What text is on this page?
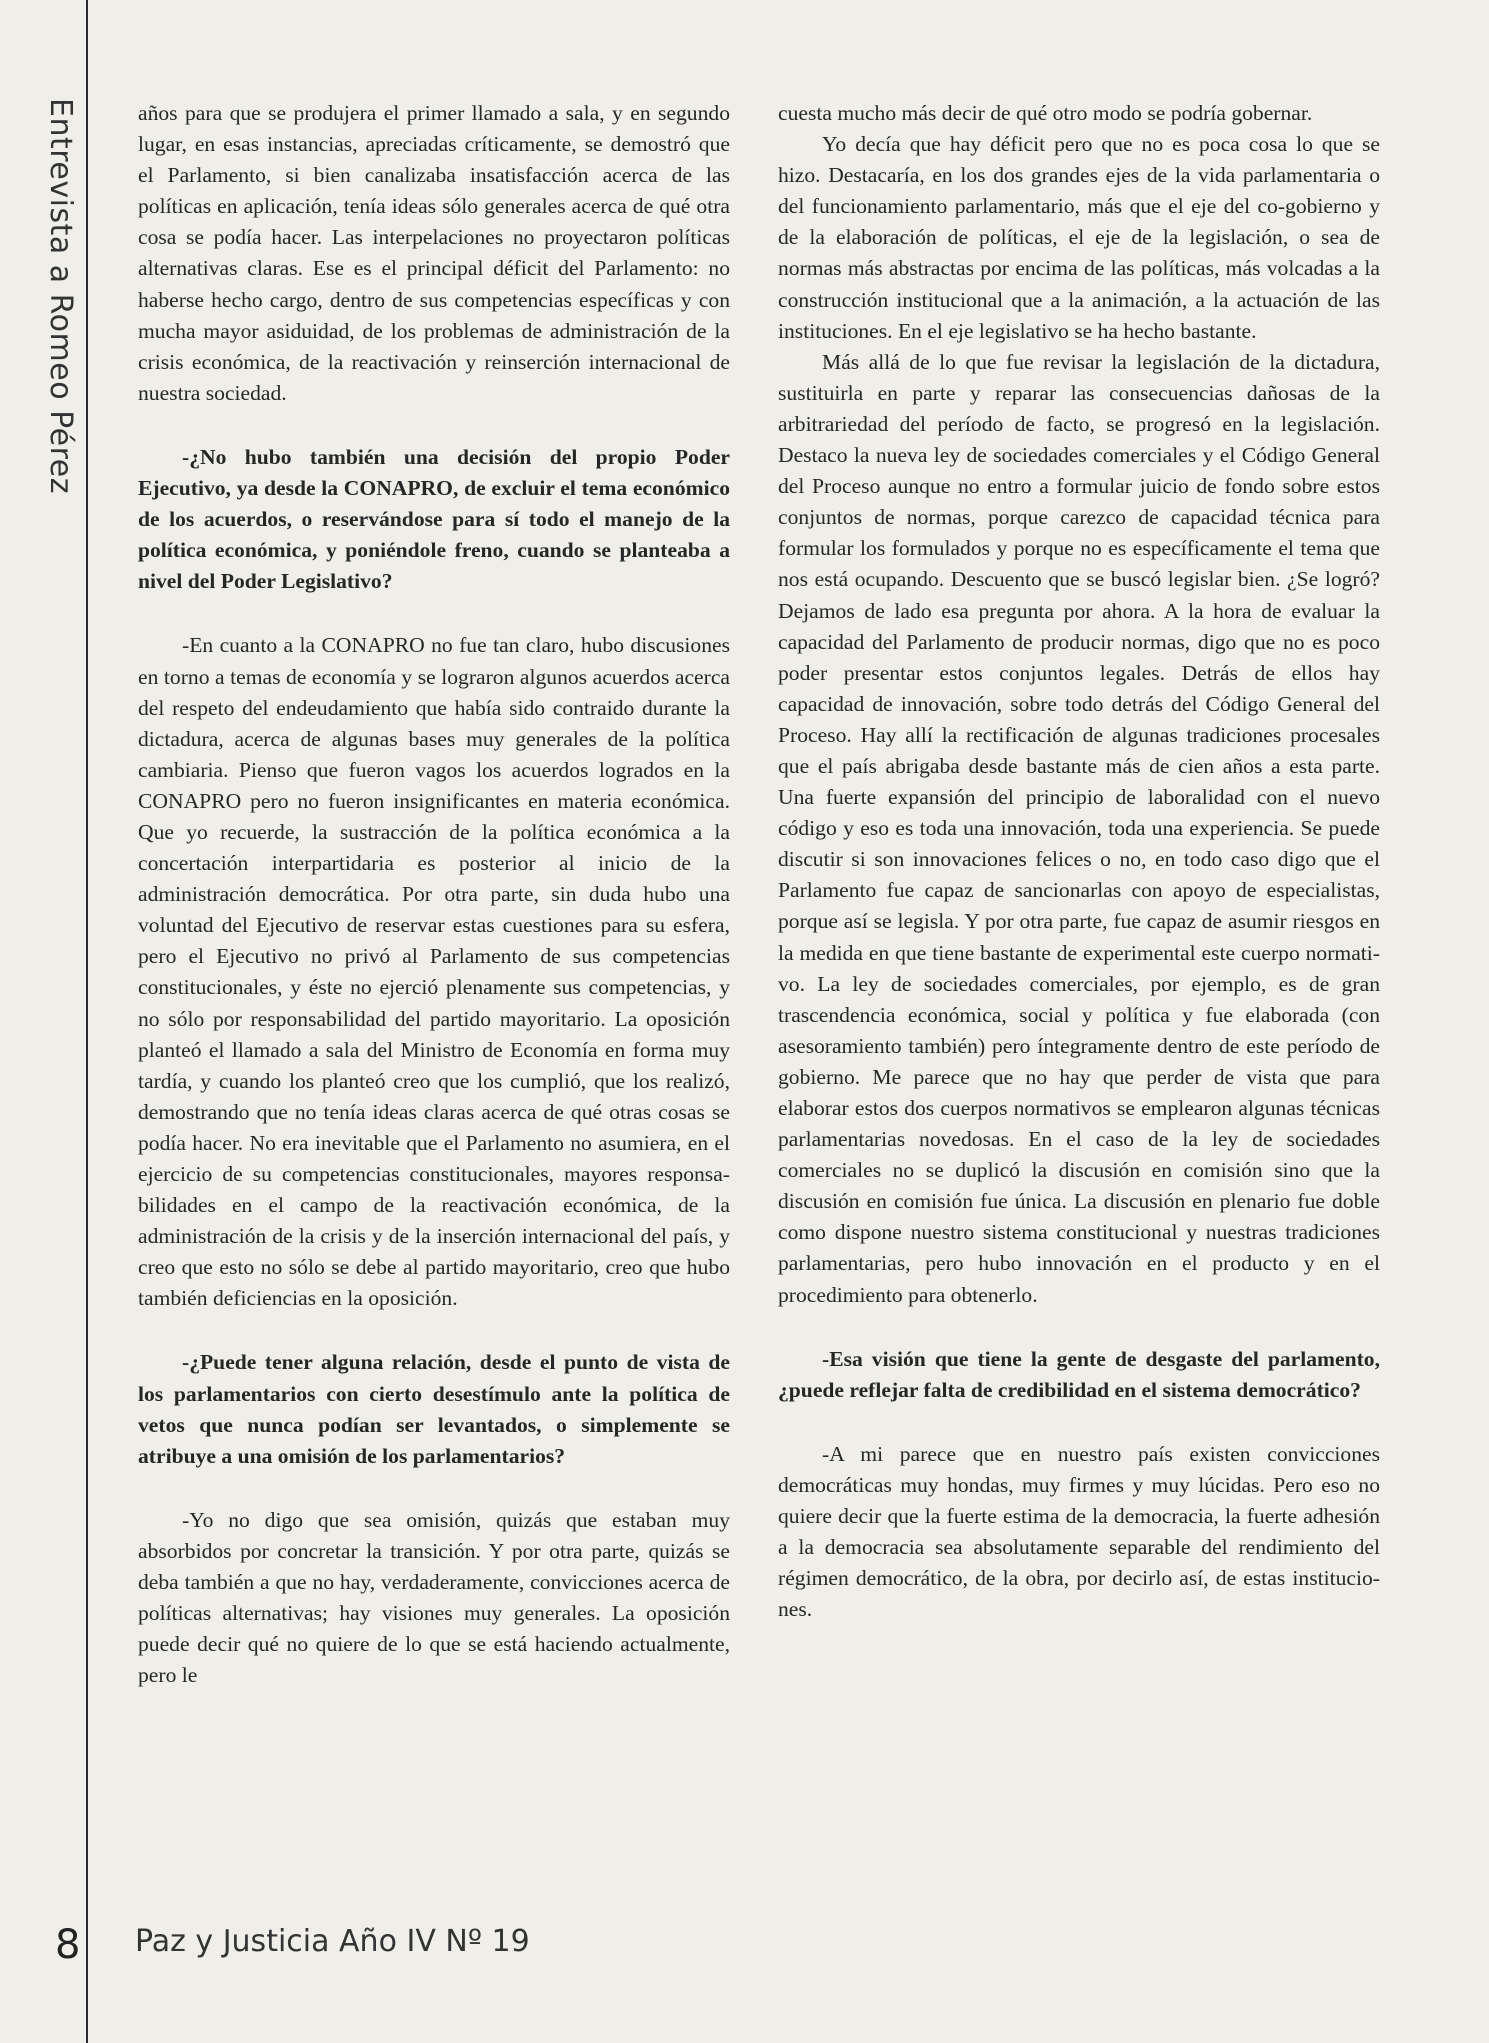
Entrevista a Romeo Pérez	años para que se produjera el primer llamado a sala, y en segundo lugar, en esas instancias, apreciadas críticamente, se demostró que el Parlamento, si bien canalizaba insatisfacción acerca de las políticas en aplicación, tenía ideas sólo generales acerca de qué otra cosa se podía hacer. Las interpelaciones no proyectaron políticas alternativas claras. Ese es el principal déficit del Parlamento: no haberse hecho cargo, dentro de sus competencias específicas y con mucha mayor asiduidad, de los problemas de administración de la crisis económica, de la reactivación y reinserción internacional de nuestra sociedad.

-¿No hubo también una decisión del propio Poder Ejecutivo, ya desde la CONAPRO, de excluir el tema económico de los acuerdos, o reservándose para sí todo el manejo de la política económica, y poniéndole freno, cuando se planteaba a nivel del Poder Legislativo?

-En cuanto a la CONAPRO no fue tan claro, hubo discusiones en torno a temas de economía y se lograron algunos acuerdos acerca del respeto del endeudamiento que había sido contraido durante la dictadura, acerca de algunas bases muy generales de la política cambiaria. Pienso que fueron vagos los acuerdos logrados en la CONAPRO pero no fueron insignificantes en materia económica. Que yo recuerde, la sustracción de la política económica a la concertación interpartidaria es posterior al inicio de la administración democrática. Por otra parte, sin duda hubo una voluntad del Ejecutivo de reservar estas cuestiones para su esfera, pero el Ejecutivo no privó al Parlamento de sus competencias constitucionales, y éste no ejerció plenamente sus competencias, y no sólo por responsabilidad del partido mayoritario. La oposición planteó el llamado a sala del Ministro de Economía en forma muy tardía, y cuando los planteó creo que los cumplió, que los realizó, demostrando que no tenía ideas claras acerca de qué otras cosas se podía hacer. No era inevitable que el Parlamento no asumiera, en el ejercicio de su competencias constitucionales, mayores responsabilidades en el campo de la reactivación económica, de la administración de la crisis y de la inserción internacional del país, y creo que esto no sólo se debe al partido mayoritario, creo que hubo también deficiencias en la oposición.

-¿Puede tener alguna relación, desde el punto de vista de los parlamentarios con cierto desestímulo ante la política de vetos que nunca podían ser levantados, o simplemente se atribuye a una omisión de los parlamentarios?

-Yo no digo que sea omisión, quizás que estaban muy absorbidos por concretar la transición. Y por otra parte, quizás se deba también a que no hay, verdaderamente, convicciones acerca de políticas alternativas; hay visiones muy generales. La oposición puede decir qué no quiere de lo que se está haciendo actualmente, pero le

cuesta mucho más decir de qué otro modo se podría gobernar.

Yo decía que hay déficit pero que no es poca cosa lo que se hizo. Destacaría, en los dos grandes ejes de la vida parlamentaria o del funcionamiento parlamentario, más que el eje del co-gobierno y de la elaboración de políticas, el eje de la legislación, o sea de normas más abstractas por encima de las políticas, más volcadas a la construcción institucional que a la animación, a la actuación de las instituciones. En el eje legislativo se ha hecho bastante.

Más allá de lo que fue revisar la legislación de la dictadura, sustituirla en parte y reparar las consecuencias dañosas de la arbitrariedad del período de facto, se progresó en la legislación. Destaco la nueva ley de sociedades comerciales y el Código General del Proceso aunque no entro a formular juicio de fondo sobre estos conjuntos de normas, porque carezco de capacidad técnica para formular los formulados y porque no es específicamente el tema que nos está ocupando. Descuento que se buscó legislar bien. ¿Se logró? Dejamos de lado esa pregunta por ahora. A la hora de evaluar la capacidad del Parlamento de producir normas, digo que no es poco poder presentar estos conjuntos legales. Detrás de ellos hay capacidad de innovación, sobre todo detrás del Código General del Proceso. Hay allí la rectificación de algunas tradiciones procesales que el país abrigaba desde bastante más de cien años a esta parte. Una fuerte expansión del principio de laboralidad con el nuevo código y eso es toda una innovación, toda una experiencia. Se puede discutir si son innovaciones felices o no, en todo caso digo que el Parlamento fue capaz de sancionarlas con apoyo de especialistas, porque así se legisla. Y por otra parte, fue capaz de asumir riesgos en la medida en que tiene bastante de experimental este cuerpo normativo. La ley de sociedades comerciales, por ejemplo, es de gran trascendencia económica, social y política y fue elaborada (con asesoramiento también) pero íntegramente dentro de este período de gobierno. Me parece que no hay que perder de vista que para elaborar estos dos cuerpos normativos se emplearon algunas técnicas parlamentarias novedosas. En el caso de la ley de sociedades comerciales no se duplicó la discusión en comisión sino que la discusión en comisión fue única. La discusión en plenario fue doble como dispone nuestro sistema constitucional y nuestras tradiciones parlamentarias, pero hubo innovación en el producto y en el procedimiento para obtenerlo.

-Esa visión que tiene la gente de desgaste del parlamento, ¿puede reflejar falta de credibilidad en el sistema democrático?

-A mi parece que en nuestro país existen convicciones democráticas muy hondas, muy firmes y muy lúcidas. Pero eso no quiere decir que la fuerte estima de la democracia, la fuerte adhesión a la democracia sea absolutamente separable del rendimiento del régimen democrático, de la obra, por decirlo así, de estas instituciones.

8 Paz y Justicia Año IV Nº 19
